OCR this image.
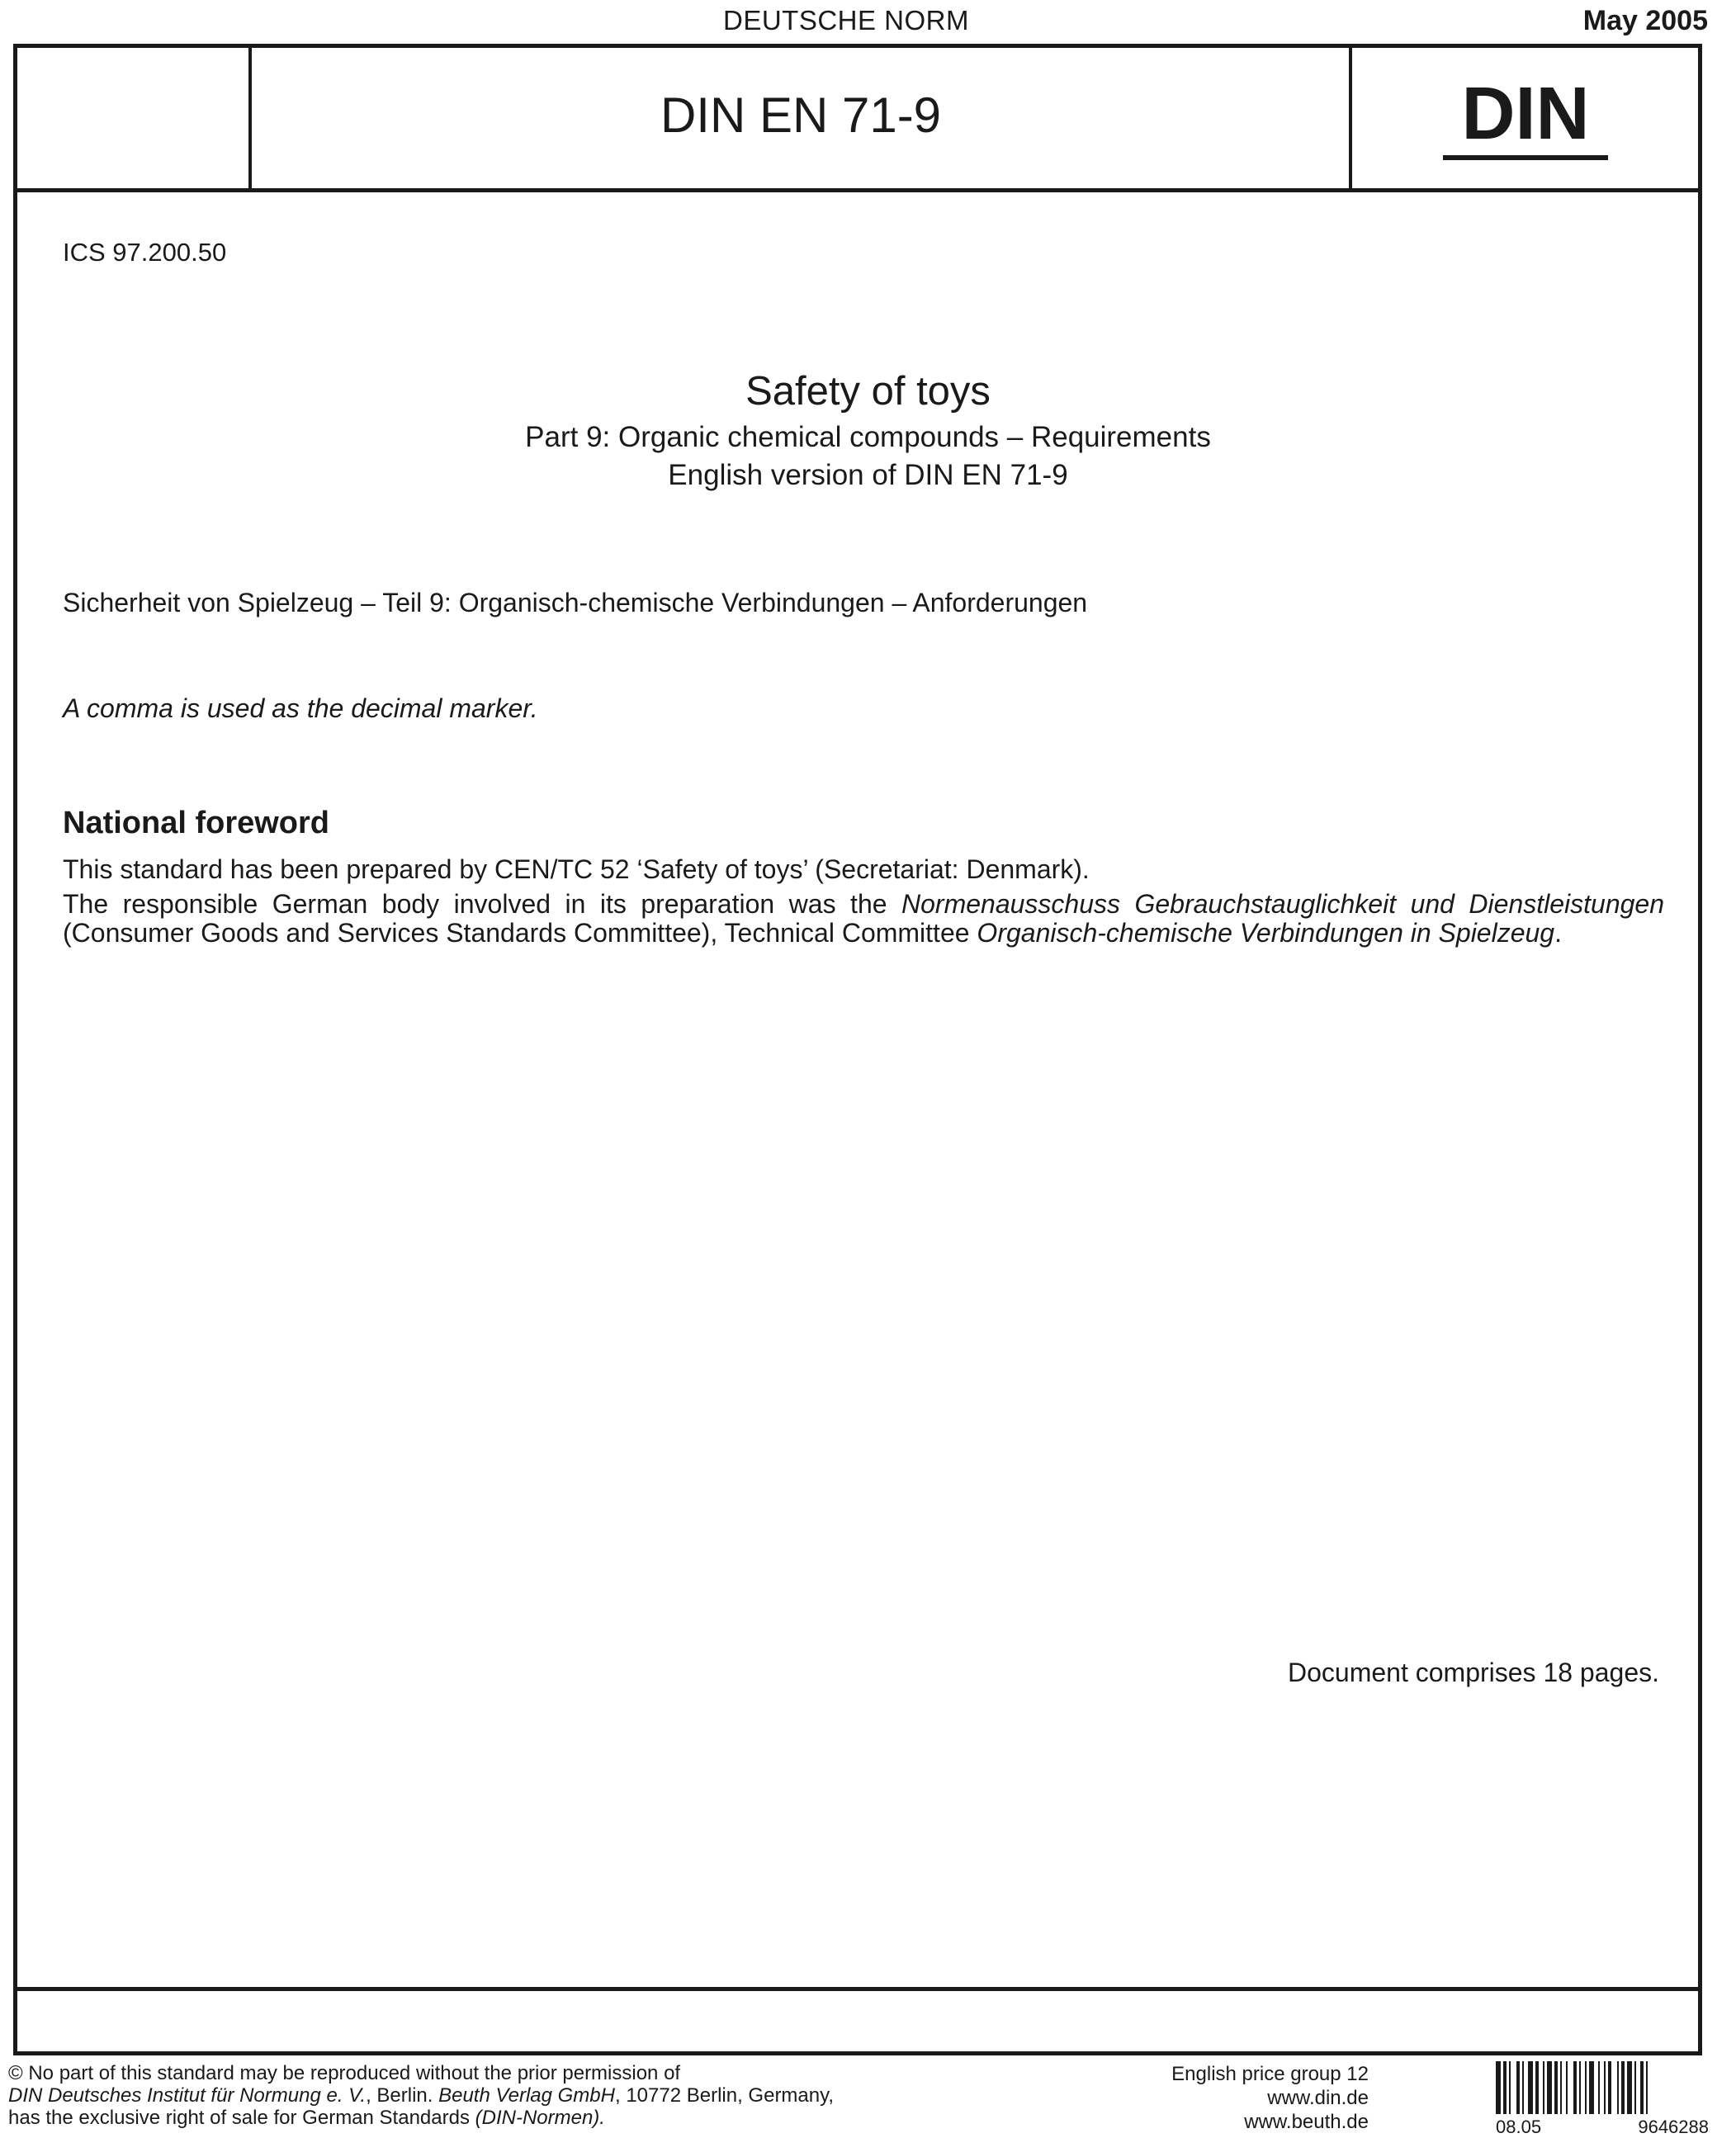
DEUTSCHE NORM	May 2005
DIN EN 71-9	DIN
ICS 97.200.50
Safety of toys
Part 9: Organic chemical compounds – Requirements
English version of DIN EN 71-9
Sicherheit von Spielzeug – Teil 9: Organisch-chemische Verbindungen – Anforderungen
A comma is used as the decimal marker.
National foreword
This standard has been prepared by CEN/TC 52 ‘Safety of toys’ (Secretariat: Denmark).
The responsible German body involved in its preparation was the Normenausschuss Gebrauchstauglichkeit und Dienstleistungen (Consumer Goods and Services Standards Committee), Technical Committee Organisch-chemische Verbindungen in Spielzeug.
Document comprises 18 pages.
© No part of this standard may be reproduced without the prior permission of
DIN Deutsches Institut für Normung e. V., Berlin. Beuth Verlag GmbH, 10772 Berlin, Germany,
has the exclusive right of sale for German Standards (DIN-Normen).
English price group 12
www.din.de
www.beuth.de	08.05	9646288
